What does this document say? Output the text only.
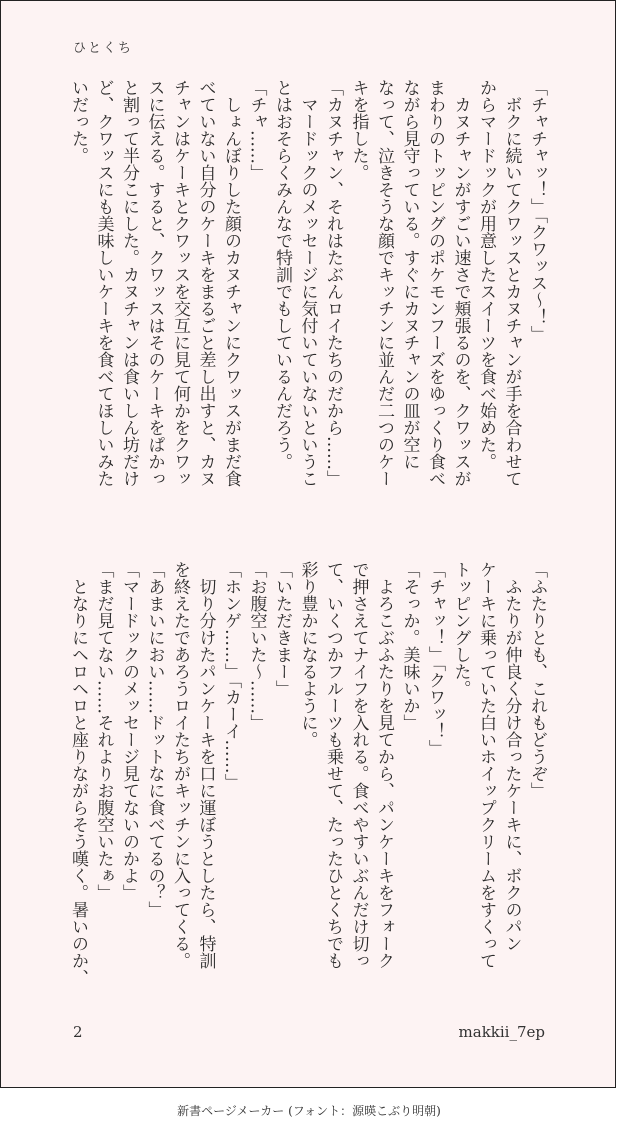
ひとくち
「チャチャッ！」「クワッス〜！」
　ボクに続いてクワッスとカヌチャンが手を合わせて
からマードックが用意したスイーツを食べ始めた。
　カヌチャンがすごい速さで頬張るのを、クワッスが
まわりのトッピングのポケモンフーズをゆっくり食べ
ながら見守っている。すぐにカヌチャンの皿が空に
なって、泣きそうな顔でキッチンに並んだ二つのケー
キを指した。
「カヌチャン、それはたぶんロイたちのだから……」
　マードックのメッセージに気付いていないというこ
とはおそらくみんなで特訓でもしているんだろう。
「チャ……」
　しょんぼりした顔のカヌチャンにクワッスがまだ食
べていない自分のケーキをまるごと差し出すと、カヌ
チャンはケーキとクワッスを交互に見て何かをクワッ
スに伝える。すると、クワッスはそのケーキをぱかっ
と割って半分こにした。カヌチャンは食いしん坊だけ
ど、クワッスにも美味しいケーキを食べてほしいみた
いだった。
「ふたりとも、これもどうぞ」
　ふたりが仲良く分け合ったケーキに、ボクのパン
ケーキに乗っていた白いホイップクリームをすくって
トッピングした。
「チャッ！」「クワッ！」
「そっか。美味いか」
　よろこぶふたりを見てから、パンケーキをフォーク
で押さえてナイフを入れる。食べやすいぶんだけ切っ
て、いくつかフルーツも乗せて、たったひとくちでも
彩り豊かになるように。
「いただきまー」
「お腹空いた〜……」
「ホンゲ……」「カーイ……」
　切り分けたパンケーキを口に運ぼうとしたら、特訓
を終えたであろうロイたちがキッチンに入ってくる。
「あまいにおい……ドットなに食べてるの？」
「マードックのメッセージ見てないのかよ」
「まだ見てない……それよりお腹空いたぁ」
　となりにヘロヘロと座りながらそう嘆く。暑いのか、
2	makkii_7ep
新書ページメーカー (フォント：源暎こぶり明朝)
